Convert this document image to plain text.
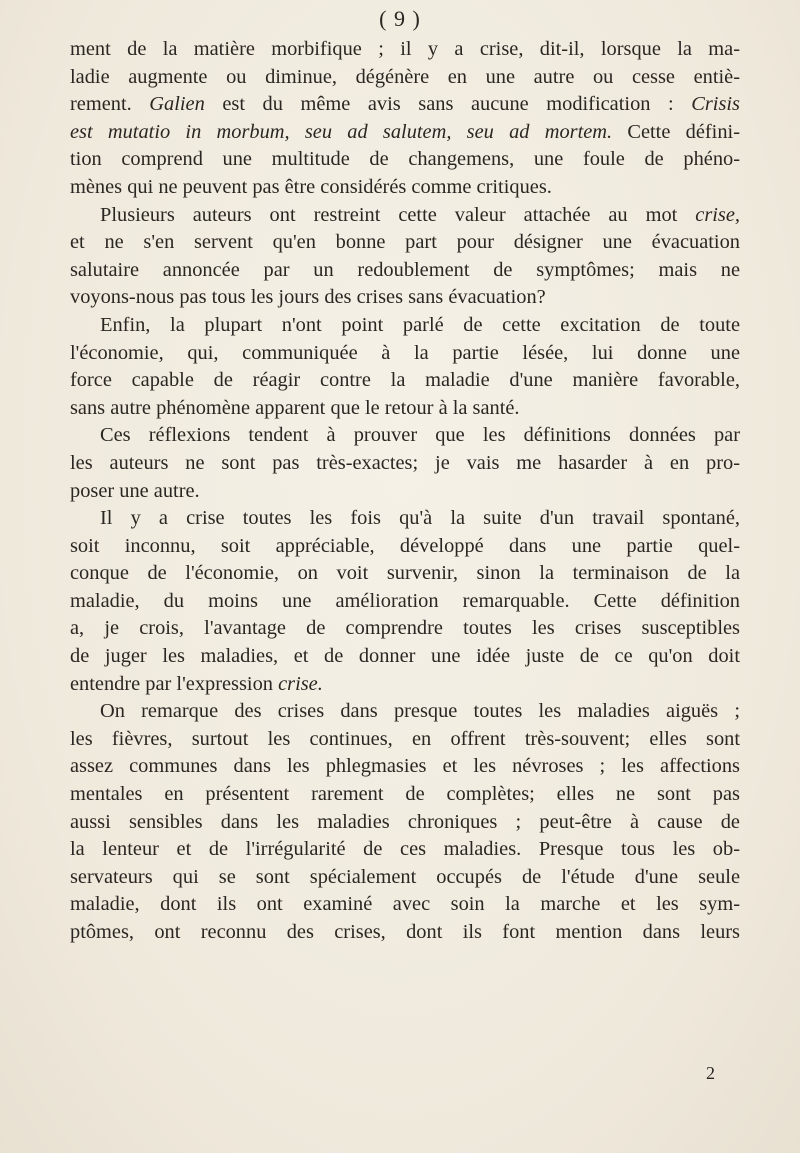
( 9 )
ment de la matière morbifique ; il y a crise, dit-il, lorsque la ma-
ladie augmente ou diminue, dégénère en une autre ou cesse entiè-
rement. Galien est du même avis sans aucune modification : Crisis
est mutatio in morbum, seu ad salutem, seu ad mortem. Cette défini-
tion comprend une multitude de changemens, une foule de phéno-
mènes qui ne peuvent pas être considérés comme critiques.
Plusieurs auteurs ont restreint cette valeur attachée au mot crise,
et ne s'en servent qu'en bonne part pour désigner une évacuation
salutaire annoncée par un redoublement de symptômes; mais ne
voyons-nous pas tous les jours des crises sans évacuation?
Enfin, la plupart n'ont point parlé de cette excitation de toute
l'économie, qui, communiquée à la partie lésée, lui donne une
force capable de réagir contre la maladie d'une manière favorable,
sans autre phénomène apparent que le retour à la santé.
Ces réflexions tendent à prouver que les définitions données par
les auteurs ne sont pas très-exactes; je vais me hasarder à en pro-
poser une autre.
Il y a crise toutes les fois qu'à la suite d'un travail spontané,
soit inconnu, soit appréciable, développé dans une partie quel-
conque de l'économie, on voit survenir, sinon la terminaison de la
maladie, du moins une amélioration remarquable. Cette définition
a, je crois, l'avantage de comprendre toutes les crises susceptibles
de juger les maladies, et de donner une idée juste de ce qu'on doit
entendre par l'expression crise.
On remarque des crises dans presque toutes les maladies aiguës ;
les fièvres, surtout les continues, en offrent très-souvent; elles sont
assez communes dans les phlegmasies et les névroses ; les affections
mentales en présentent rarement de complètes; elles ne sont pas
aussi sensibles dans les maladies chroniques ; peut-être à cause de
la lenteur et de l'irrégularité de ces maladies. Presque tous les ob-
servateurs qui se sont spécialement occupés de l'étude d'une seule
maladie, dont ils ont examiné avec soin la marche et les sym-
ptômes, ont reconnu des crises, dont ils font mention dans leurs
2
